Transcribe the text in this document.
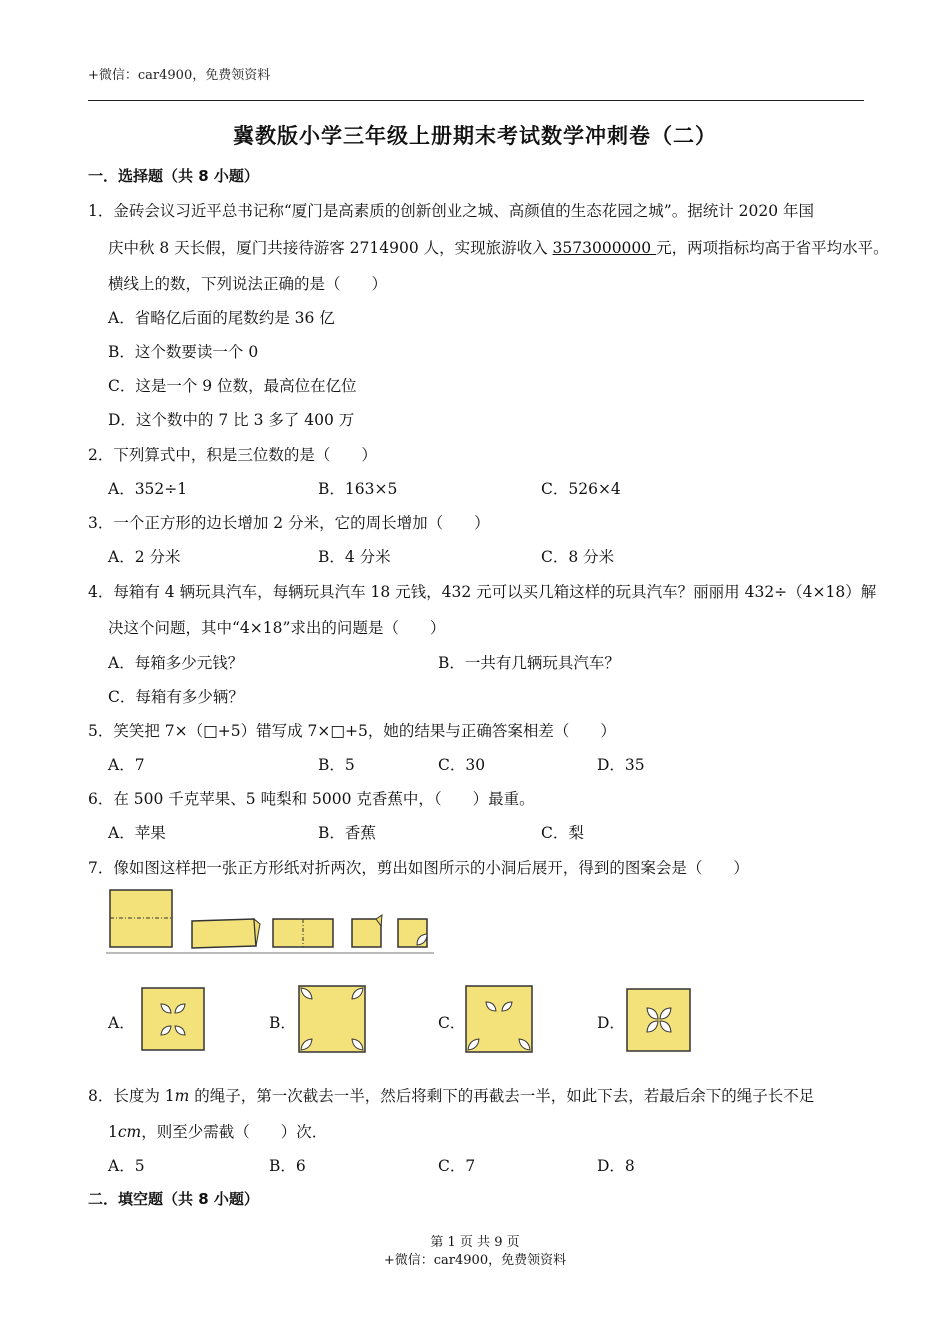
+微信：car4900，免费领资料
冀教版小学三年级上册期末考试数学冲刺卷（二）
一．选择题（共 8 小题）
1．金砖会议习近平总书记称“厦门是高素质的创新创业之城、高颜值的生态花园之城”。据统计 2020 年国
庆中秋 8 天长假，厦门共接待游客 2714900 人，实现旅游收入 3573000000 元，两项指标均高于省平均水平。
横线上的数，下列说法正确的是（　　）
A．省略亿后面的尾数约是 36 亿
B．这个数要读一个 0
C．这是一个 9 位数，最高位在亿位
D．这个数中的 7 比 3 多了 400 万
2．下列算式中，积是三位数的是（　　）
A．352÷1	B．163×5	C．526×4
3．一个正方形的边长增加 2 分米，它的周长增加（　　）
A．2 分米	B．4 分米	C．8 分米
4．每箱有 4 辆玩具汽车，每辆玩具汽车 18 元钱，432 元可以买几箱这样的玩具汽车？丽丽用 432÷（4×18）解
决这个问题，其中“4×18”求出的问题是（　　）
A．每箱多少元钱？	B．一共有几辆玩具汽车？
C．每箱有多少辆？
5．笑笑把 7×（□+5）错写成 7×□+5，她的结果与正确答案相差（　　）
A．7	B．5	C．30	D．35
6．在 500 千克苹果、5 吨梨和 5000 克香蕉中，（　　）最重。
A．苹果	B．香蕉	C．梨
7．像如图这样把一张正方形纸对折两次，剪出如图所示的小洞后展开，得到的图案会是（　　）
A．	B．	C．	D．
8．长度为 1m 的绳子，第一次截去一半，然后将剩下的再截去一半，如此下去，若最后余下的绳子长不足
1cm，则至少需截（　　）次．
A．5	B．6	C．7	D．8
二．填空题（共 8 小题）
第 1 页 共 9 页
+微信：car4900，免费领资料
